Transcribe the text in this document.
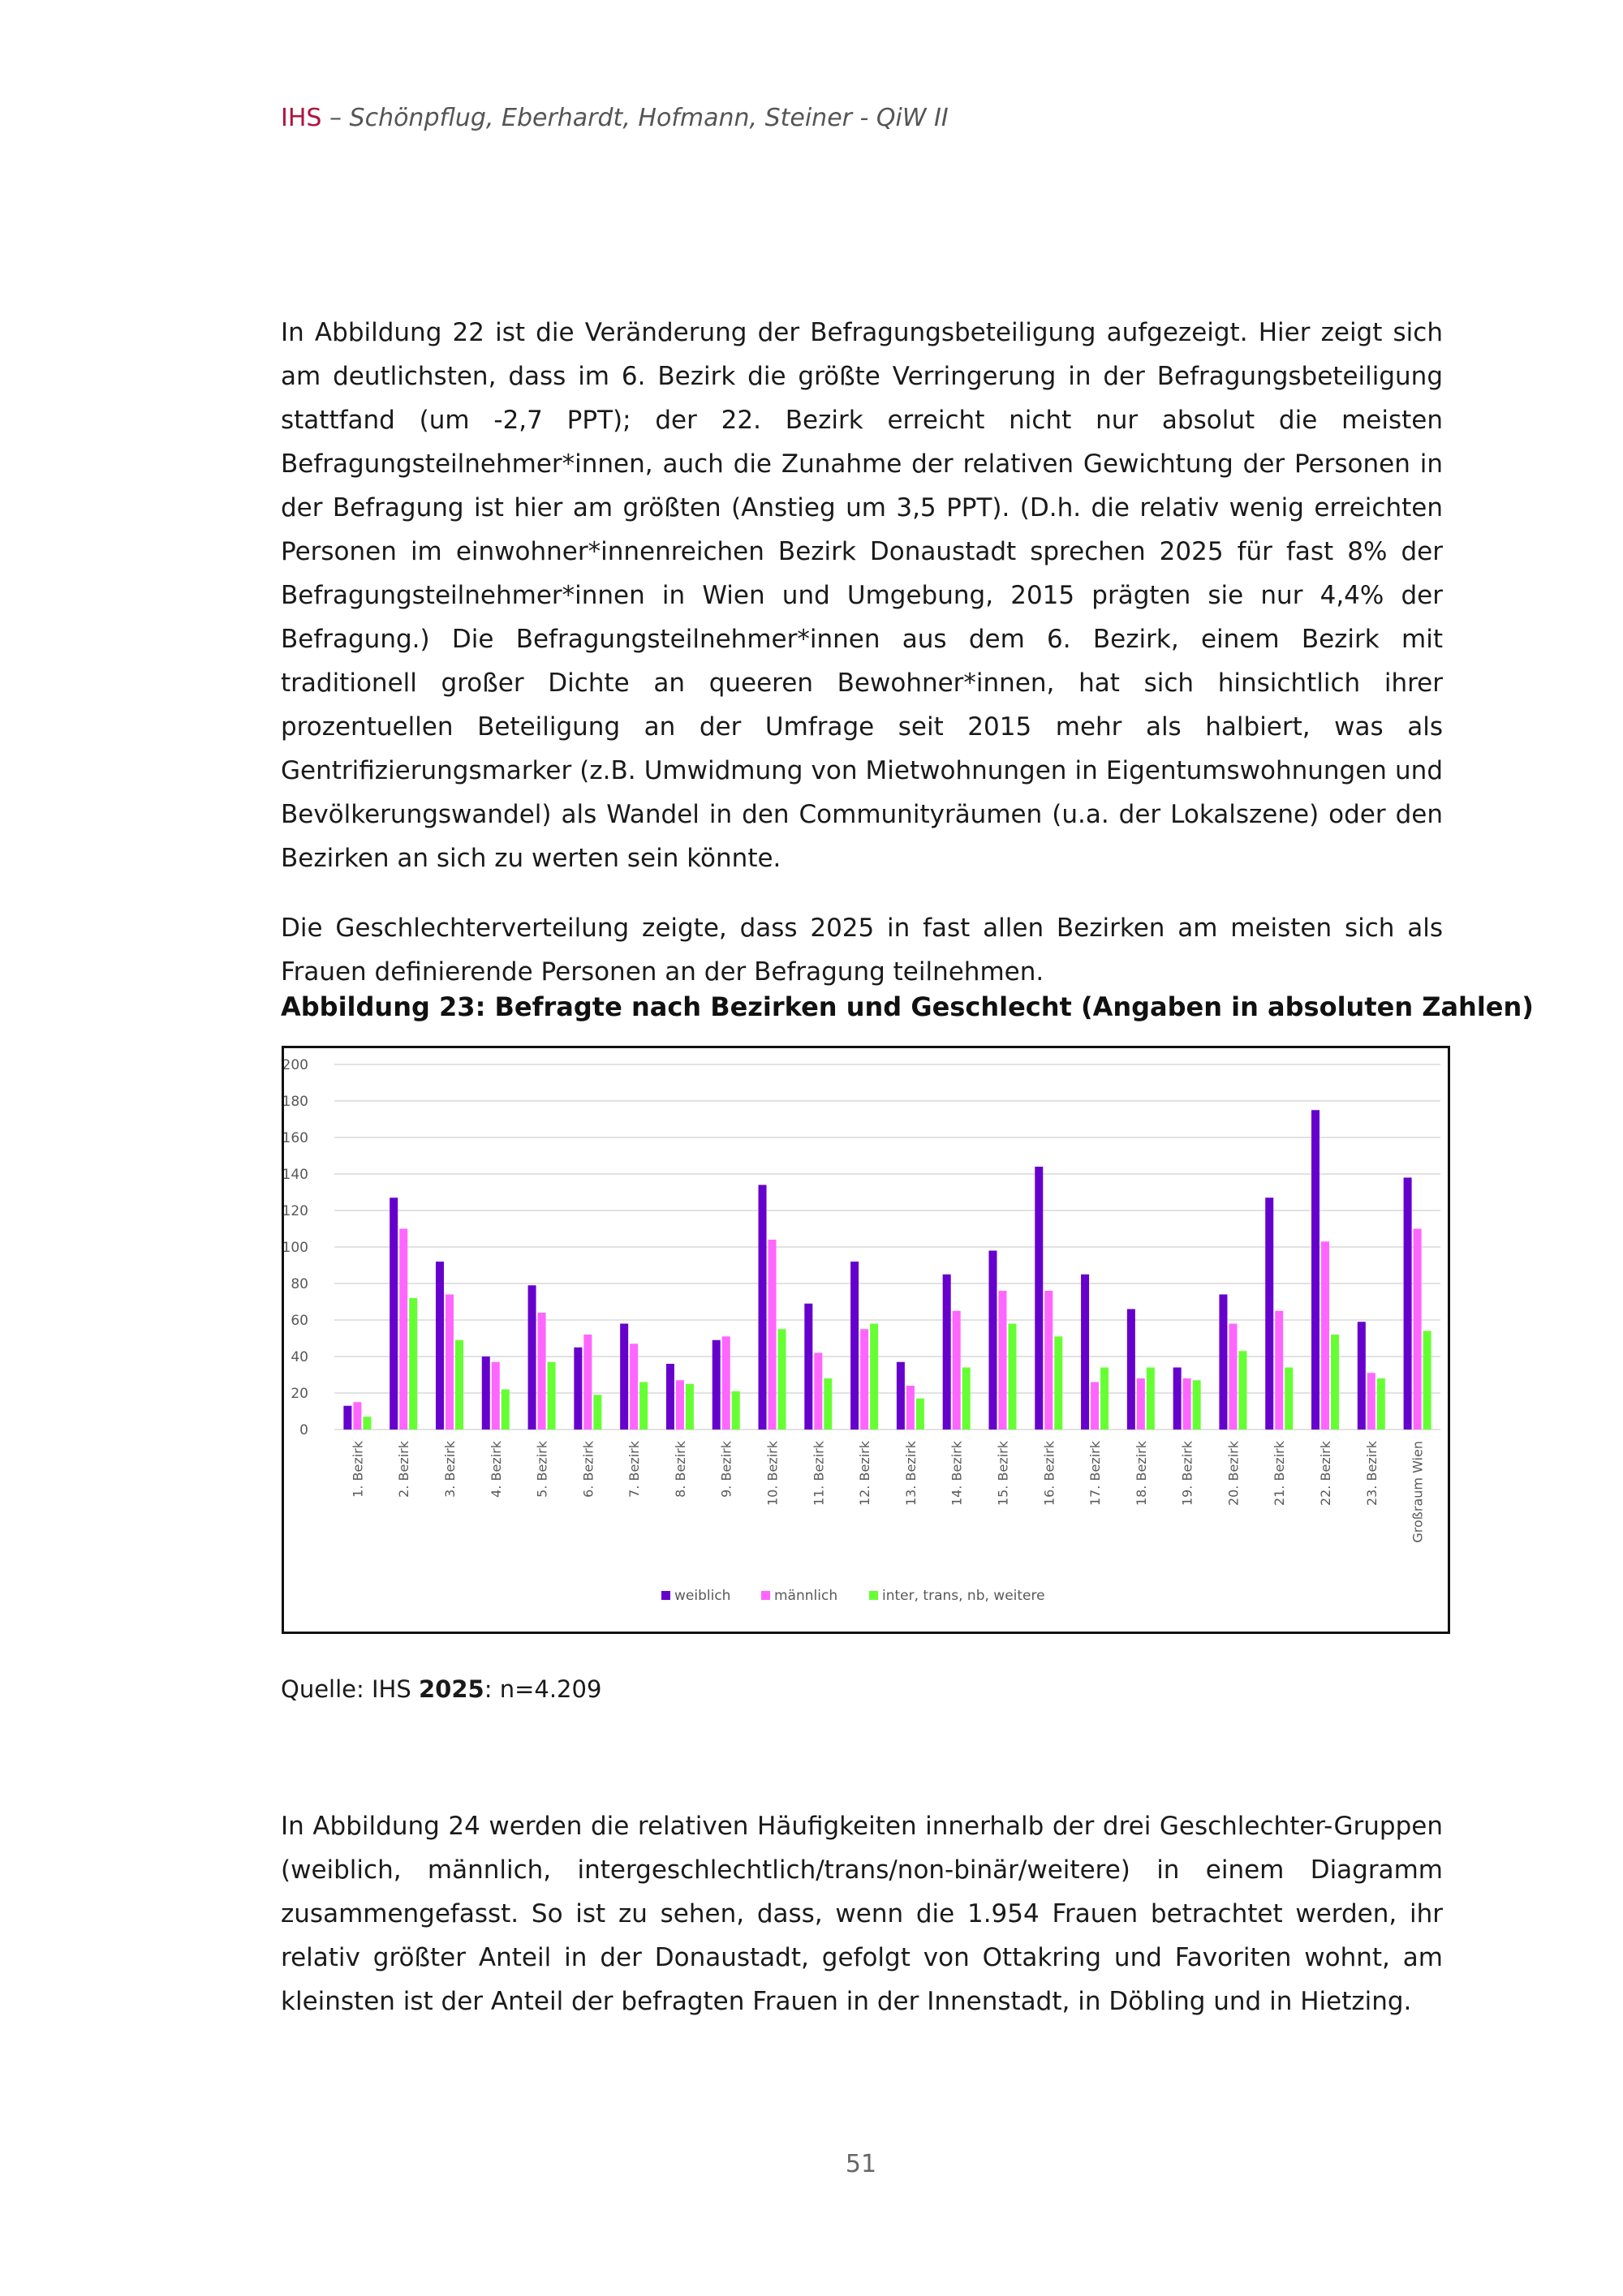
IHS – Schönpflug, Eberhardt, Hofmann, Steiner - QiW II

In Abbildung 22 ist die Veränderung der Befragungsbeteiligung aufgezeigt. Hier zeigt sich am deutlichsten, dass im 6. Bezirk die größte Verringerung in der Befragungsbeteiligung stattfand (um -2,7 PPT); der 22. Bezirk erreicht nicht nur absolut die meisten Befragungsteilnehmer*innen, auch die Zunahme der relativen Gewichtung der Personen in der Befragung ist hier am größten (Anstieg um 3,5 PPT). (D.h. die relativ wenig erreichten Personen im einwohner*innenreichen Bezirk Donaustadt sprechen 2025 für fast 8% der Befragungsteilnehmer*innen in Wien und Umgebung, 2015 prägten sie nur 4,4% der Befragung.) Die Befragungsteilnehmer*innen aus dem 6. Bezirk, einem Bezirk mit traditionell großer Dichte an queeren Bewohner*innen, hat sich hinsichtlich ihrer prozentuellen Beteiligung an der Umfrage seit 2015 mehr als halbiert, was als Gentrifizierungsmarker (z.B. Umwidmung von Mietwohnungen in Eigentumswohnungen und Bevölkerungswandel) als Wandel in den Communityräumen (u.a. der Lokalszene) oder den Bezirken an sich zu werten sein könnte.

Die Geschlechterverteilung zeigte, dass 2025 in fast allen Bezirken am meisten sich als Frauen definierende Personen an der Befragung teilnehmen.

Abbildung 23: Befragte nach Bezirken und Geschlecht (Angaben in absoluten Zahlen)
0
20
40
60
80
100
120
140
160
180
200
1. Bezirk 2. Bezirk 3. Bezirk 4. Bezirk 5. Bezirk 6. Bezirk 7. Bezirk 8. Bezirk 9. Bezirk 10. Bezirk 11. Bezirk 12. Bezirk 13. Bezirk 14. Bezirk 15. Bezirk 16. Bezirk 17. Bezirk 18. Bezirk 19. Bezirk 20. Bezirk 21. Bezirk 22. Bezirk 23. Bezirk Großraum Wien
weiblich	männlich	inter, trans, nb, weitere
Quelle: IHS 2025: n=4.209

In Abbildung 24 werden die relativen Häufigkeiten innerhalb der drei Geschlechter-Gruppen (weiblich, männlich, intergeschlechtlich/trans/non-binär/weitere) in einem Diagramm zusammengefasst. So ist zu sehen, dass, wenn die 1.954 Frauen betrachtet werden, ihr relativ größter Anteil in der Donaustadt, gefolgt von Ottakring und Favoriten wohnt, am kleinsten ist der Anteil der befragten Frauen in der Innenstadt, in Döbling und in Hietzing.

51
